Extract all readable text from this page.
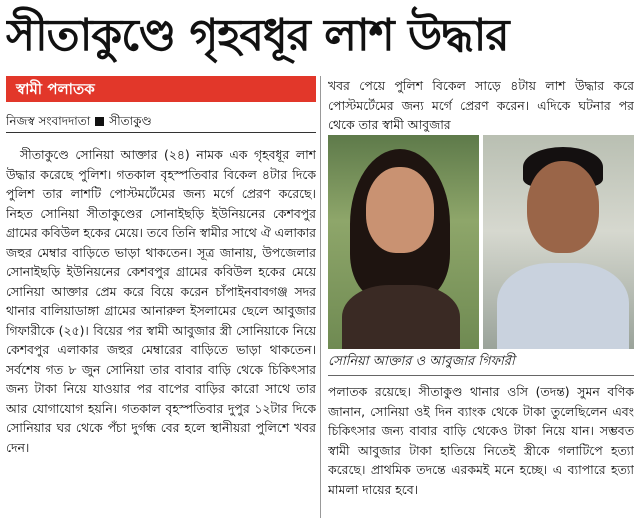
সীতাকুণ্ডে গৃহবধূর লাশ উদ্ধার
স্বামী পলাতক
নিজস্ব সংবাদদাতা সীতাকুণ্ড

সীতাকুণ্ডে সোনিয়া আক্তার (২৪) নামক এক গৃহবধূর লাশ উদ্ধার করেছে পুলিশ। গতকাল বৃহস্পতিবার বিকেল ৪টার দিকে পুলিশ তার লাশটি পোস্টমর্টেমের জন্য মর্গে প্রেরণ করেছে। নিহত সোনিয়া সীতাকুণ্ডের সোনাইছড়ি ইউনিয়নের কেশবপুর গ্রামের কবিউল হকের মেয়ে। তবে তিনি স্বামীর সাথে ঐ এলাকার জহুর মেম্বার বাড়িতে ভাড়া থাকতেন। সূত্র জানায়, উপজেলার সোনাইছড়ি ইউনিয়নের কেশবপুর গ্রামের কবিউল হকের মেয়ে সোনিয়া আক্তার প্রেম করে বিয়ে করেন চাঁপাইনবাবগঞ্জ সদর থানার বালিয়াডাঙ্গা গ্রামের আনারুল ইসলামের ছেলে আবুজার গিফারীকে (২৫)। বিয়ের পর স্বামী আবুজার স্ত্রী সোনিয়াকে নিয়ে কেশবপুর এলাকার জহুর মেম্বারের বাড়িতে ভাড়া থাকতেন। সর্বশেষ গত ৮ জুন সোনিয়া তার বাবার বাড়ি থেকে চিকিৎসার জন্য টাকা নিয়ে যাওয়ার পর বাপের বাড়ির কারো সাথে তার আর যোগাযোগ হয়নি। গতকাল বৃহস্পতিবার দুপুর ১২টার দিকে সোনিয়ার ঘর থেকে পঁচা দুর্গন্ধ বের হলে স্থানীয়রা পুলিশে খবর দেন।

খবর পেয়ে পুলিশ বিকেল সাড়ে ৪টায় লাশ উদ্ধার করে পোস্টমর্টেমের জন্য মর্গে প্রেরণ করেন। এদিকে ঘটনার পর থেকে তার স্বামী আবুজার
সোনিয়া আক্তার ও আবুজার গিফারী
পলাতক রয়েছে। সীতাকুণ্ড থানার ওসি (তদন্ত) সুমন বণিক জানান, সোনিয়া ওই দিন ব্যাংক থেকে টাকা তুলেছিলেন এবং চিকিৎসার জন্য বাবার বাড়ি থেকেও টাকা নিয়ে যান। সম্ভবত স্বামী আবুজার টাকা হাতিয়ে নিতেই স্ত্রীকে গলাটিপে হত্যা করেছে। প্রাথমিক তদন্তে এরকমই মনে হচ্ছে। এ ব্যাপারে হত্যা মামলা দায়ের হবে।
